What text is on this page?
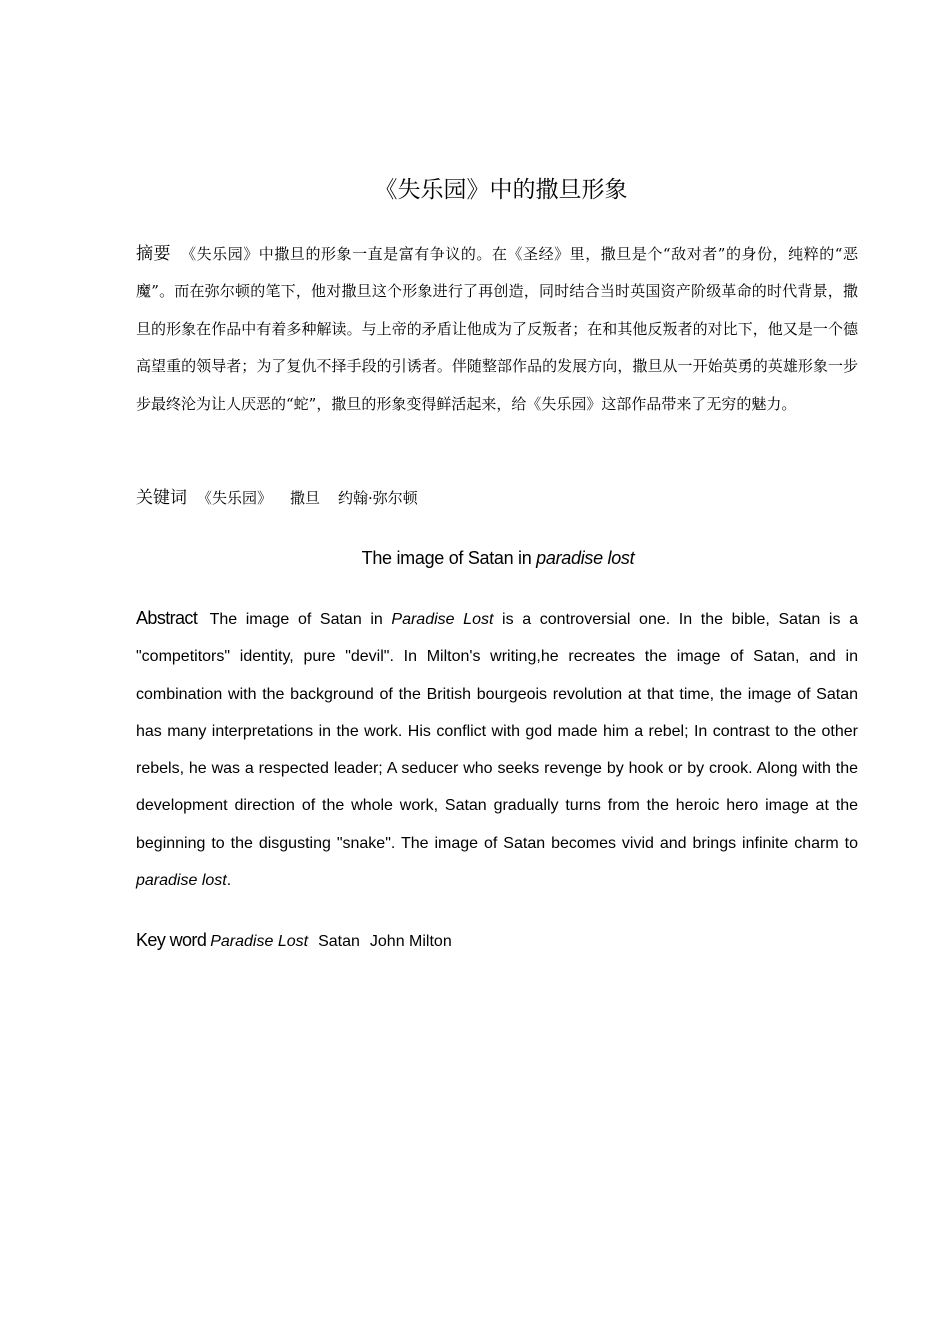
《失乐园》中的撒旦形象

摘要 《失乐园》中撒旦的形象一直是富有争议的。在《圣经》里，撒旦是个“敌对者”的身份，纯粹的“恶魔”。而在弥尔顿的笔下，他对撒旦这个形象进行了再创造，同时结合当时英国资产阶级革命的时代背景，撒旦的形象在作品中有着多种解读。与上帝的矛盾让他成为了反叛者；在和其他反叛者的对比下，他又是一个德高望重的领导者；为了复仇不择手段的引诱者。伴随整部作品的发展方向，撒旦从一开始英勇的英雄形象一步步最终沦为让人厌恶的“蛇”，撒旦的形象变得鲜活起来，给《失乐园》这部作品带来了无穷的魅力。

关键词 《失乐园》 撒旦 约翰·弥尔顿

The image of Satan in paradise lost

Abstract The image of Satan in Paradise Lost is a controversial one. In the bible, Satan is a "competitors" identity, pure "devil". In Milton's writing,he recreates the image of Satan, and in combination with the background of the British bourgeois revolution at that time, the image of Satan has many interpretations in the work. His conflict with god made him a rebel; In contrast to the other rebels, he was a respected leader; A seducer who seeks revenge by hook or by crook. Along with the development direction of the whole work, Satan gradually turns from the heroic hero image at the beginning to the disgusting "snake". The image of Satan becomes vivid and brings infinite charm to paradise lost.

Key word Paradise Lost Satan John Milton
